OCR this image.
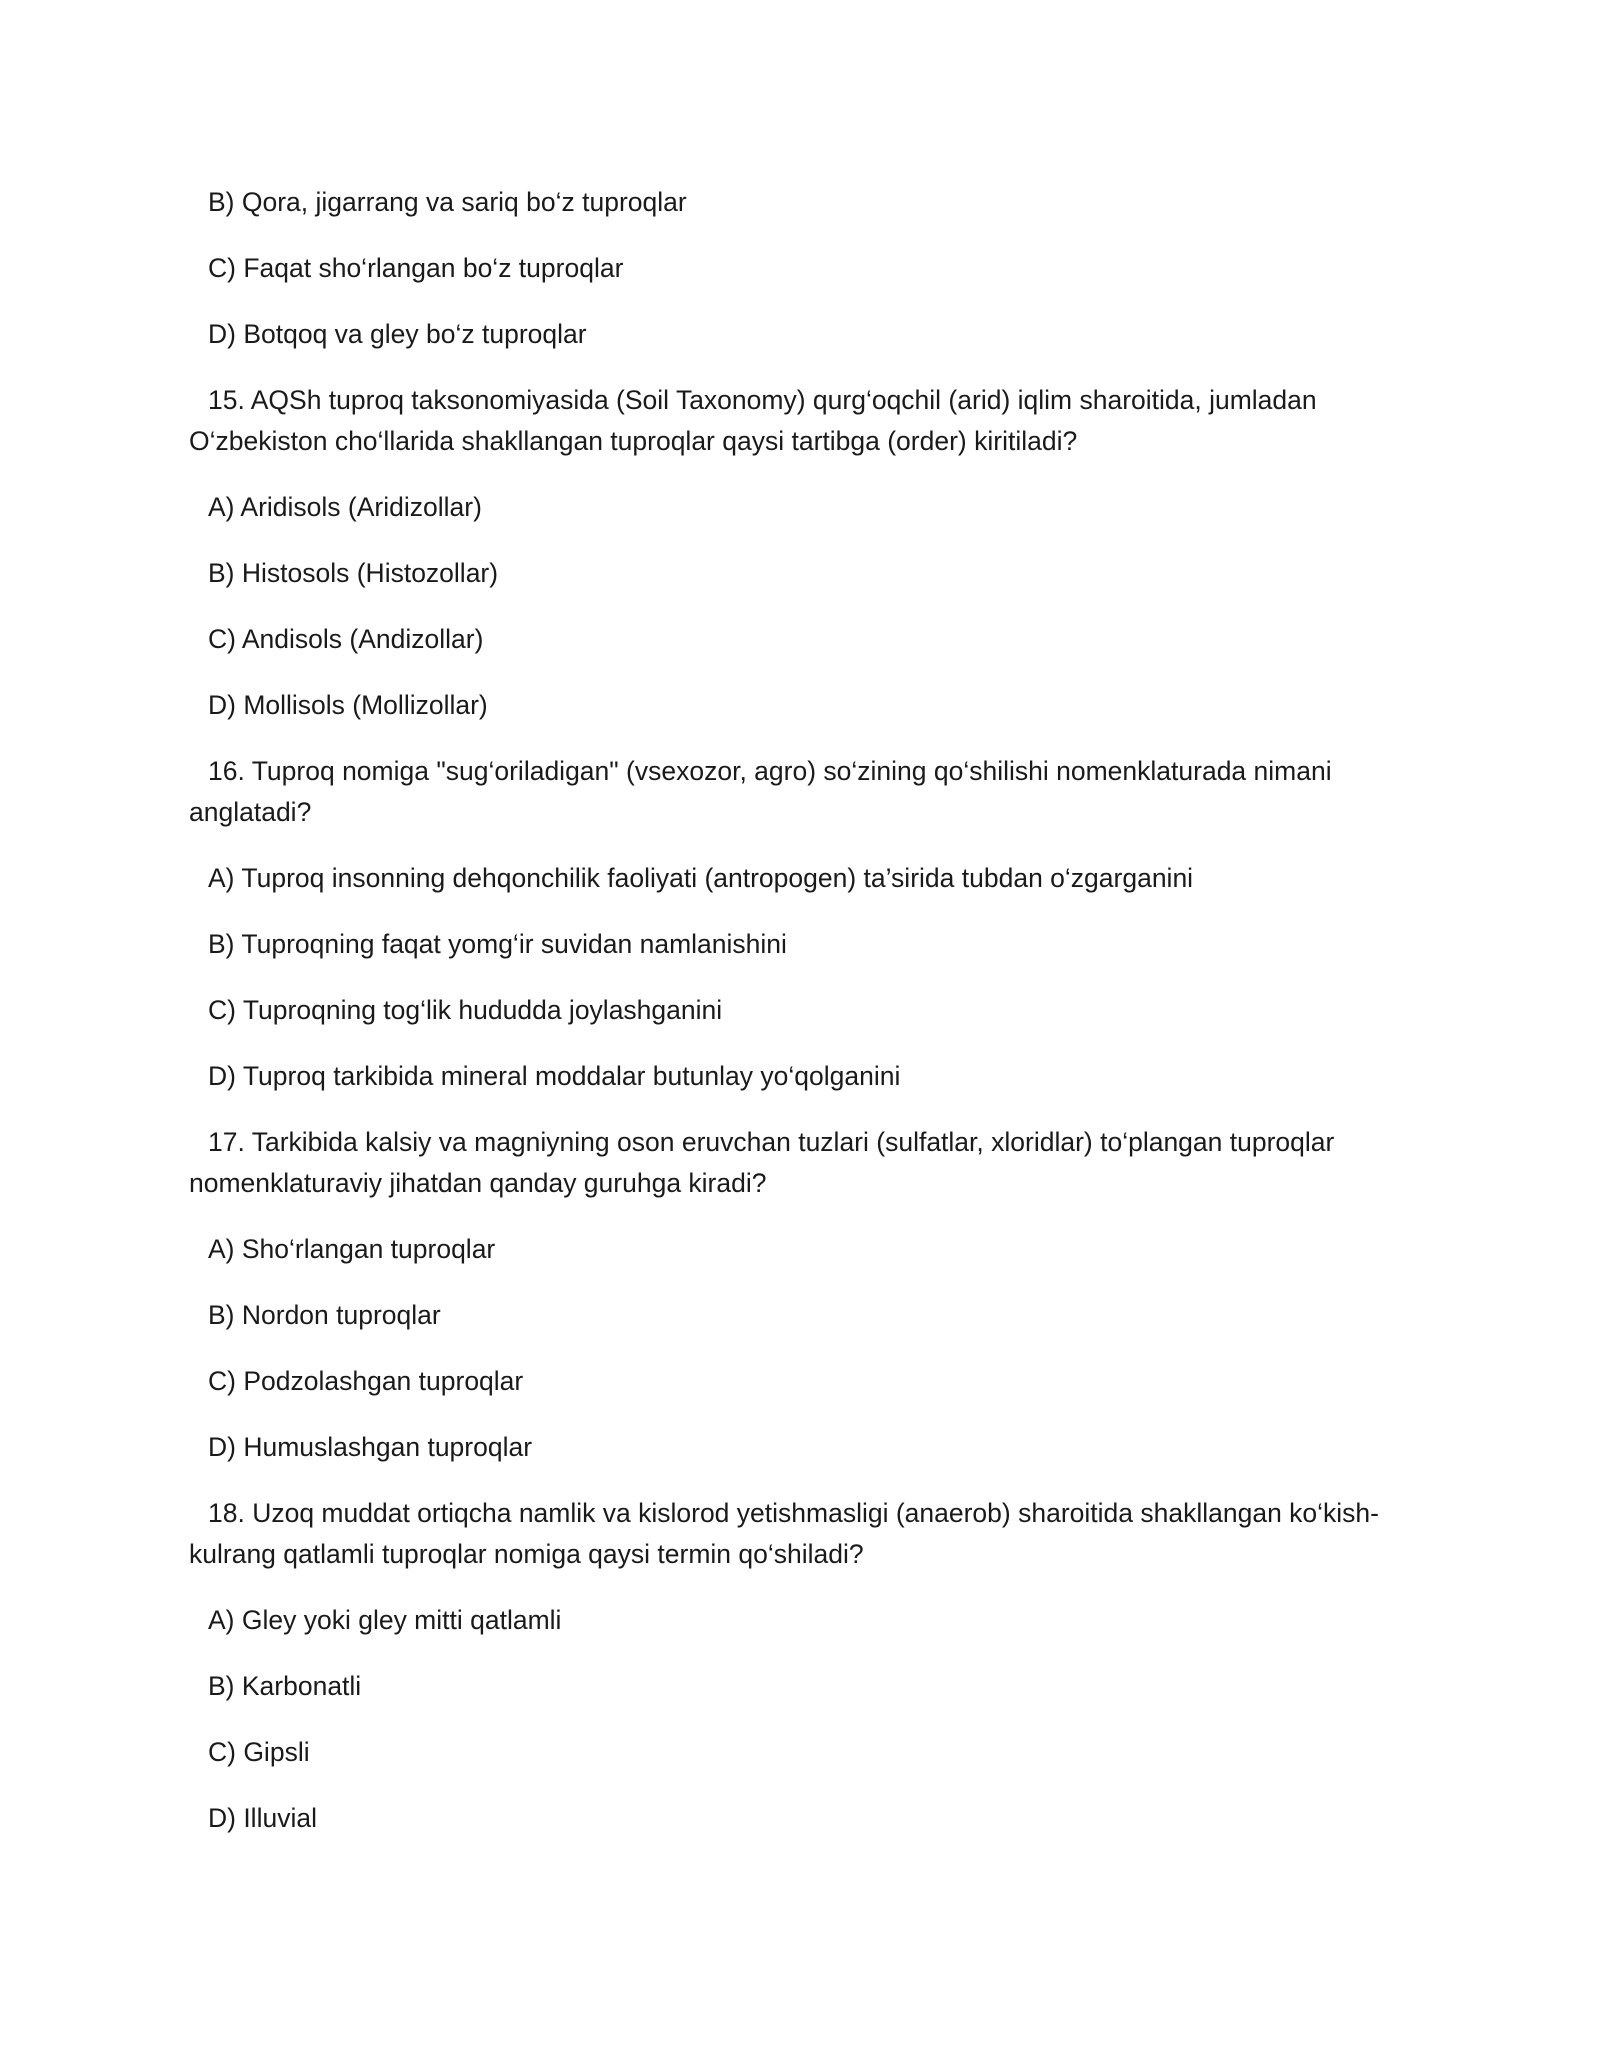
B) Qora, jigarrang va sariq bo‘z tuproqlar

C) Faqat sho‘rlangan bo‘z tuproqlar

D) Botqoq va gley bo‘z tuproqlar

15. AQSh tuproq taksonomiyasida (Soil Taxonomy) qurg‘oqchil (arid) iqlim sharoitida, jumladan O‘zbekiston cho‘llarida shakllangan tuproqlar qaysi tartibga (order) kiritiladi?

A) Aridisols (Aridizollar)

B) Histosols (Histozollar)

C) Andisols (Andizollar)

D) Mollisols (Mollizollar)

16. Tuproq nomiga "sug‘oriladigan" (vsexozor, agro) so‘zining qo‘shilishi nomenklaturada nimani anglatadi?

A) Tuproq insonning dehqonchilik faoliyati (antropogen) ta’sirida tubdan o‘zgarganini

B) Tuproqning faqat yomg‘ir suvidan namlanishini

C) Tuproqning tog‘lik hududda joylashganini

D) Tuproq tarkibida mineral moddalar butunlay yo‘qolganini

17. Tarkibida kalsiy va magniyning oson eruvchan tuzlari (sulfatlar, xloridlar) to‘plangan tuproqlar nomenklaturaviy jihatdan qanday guruhga kiradi?

A) Sho‘rlangan tuproqlar

B) Nordon tuproqlar

C) Podzolashgan tuproqlar

D) Humuslashgan tuproqlar

18. Uzoq muddat ortiqcha namlik va kislorod yetishmasligi (anaerob) sharoitida shakllangan ko‘kish-kulrang qatlamli tuproqlar nomiga qaysi termin qo‘shiladi?

A) Gley yoki gley mitti qatlamli

B) Karbonatli

C) Gipsli

D) Illuvial
